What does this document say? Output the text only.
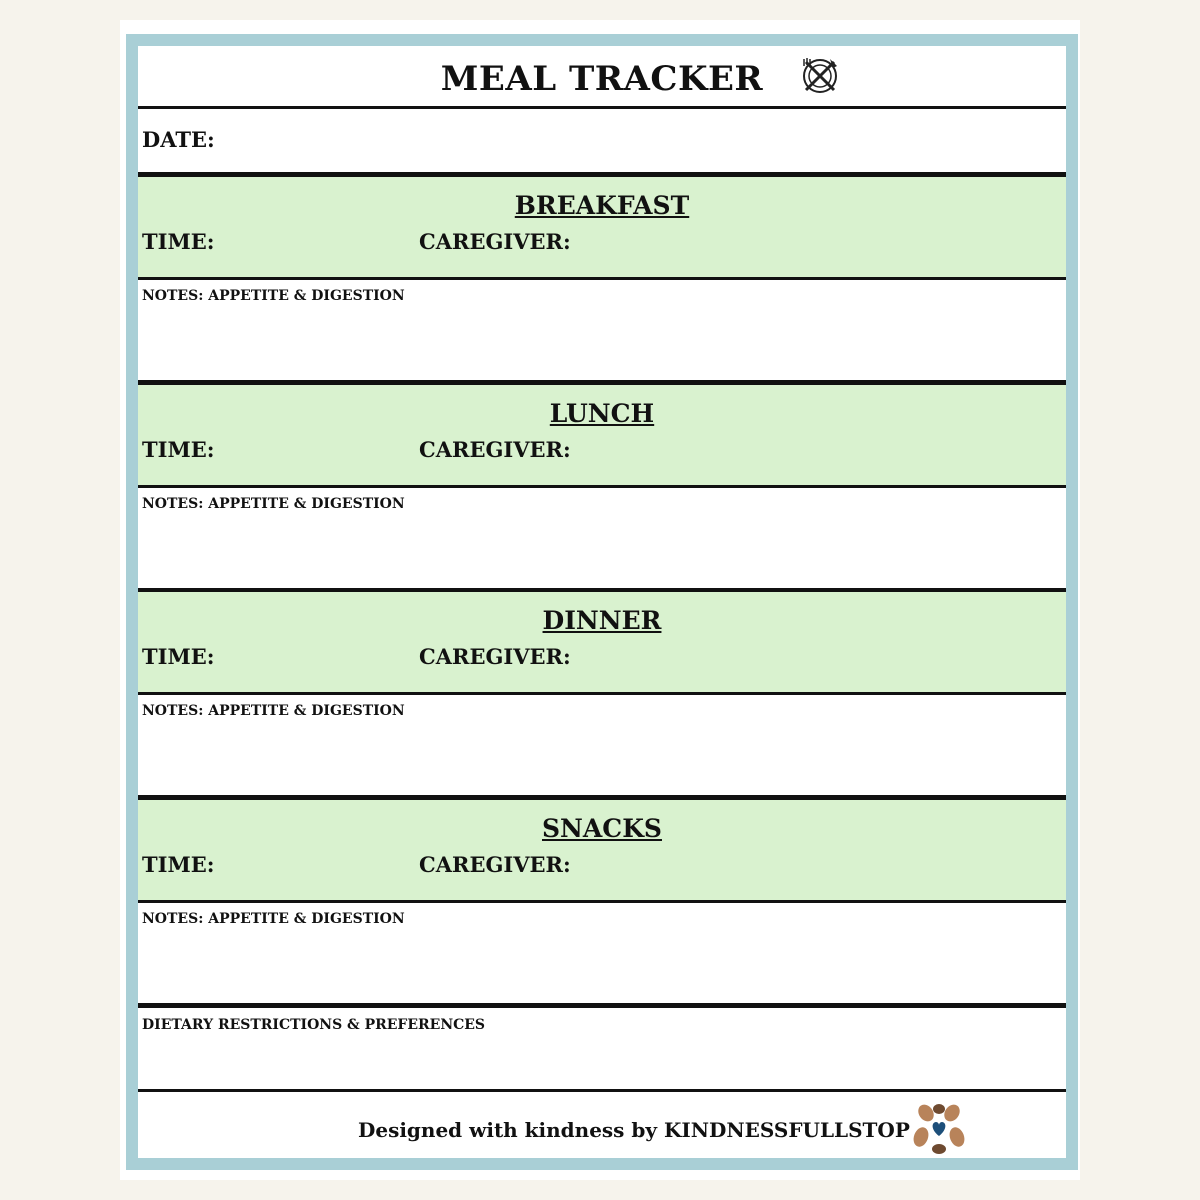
MEAL TRACKER
DATE:
BREAKFAST
TIME:	CAREGIVER:
NOTES: APPETITE & DIGESTION
LUNCH
TIME:	CAREGIVER:
NOTES: APPETITE & DIGESTION
DINNER
TIME:	CAREGIVER:
NOTES: APPETITE & DIGESTION
SNACKS
TIME:	CAREGIVER:
NOTES: APPETITE & DIGESTION
DIETARY RESTRICTIONS & PREFERENCES
Designed with kindness by KINDNESSFULLSTOP
